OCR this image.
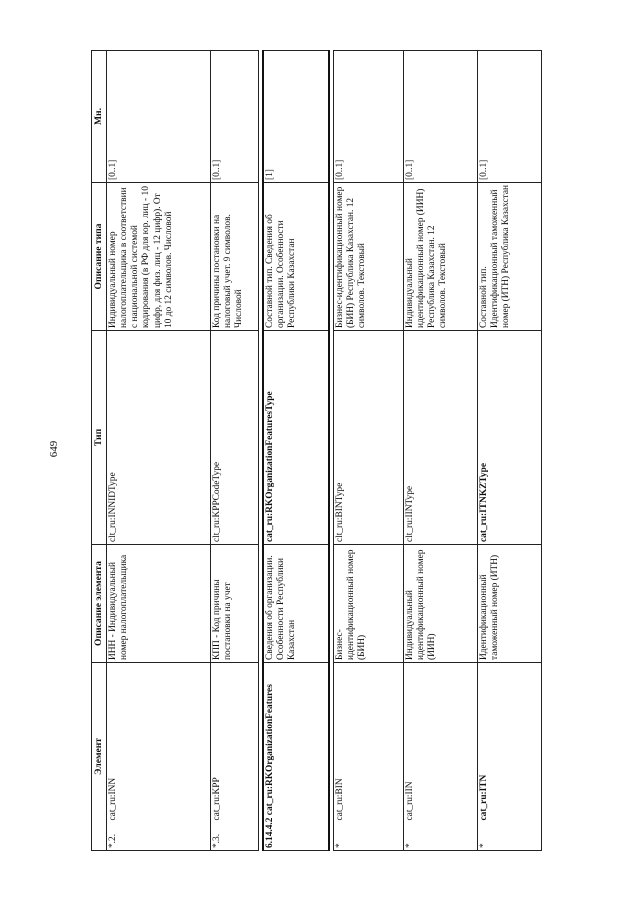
649
Элемент		Описание элемента	Тип	Описание типа	Мн.
*.2.	cat_ru:INN	ИНН - Индивидуальный номер налогоплательщика	clt_ru:INNIDType	Индивидуальный номер налогоплательщика в соответствии с национальной системой кодирования (в РФ для юр. лиц - 10 цифр, для физ. лиц - 12 цифр). От 10 до 12 символов. Числовой	[0..1]
*.3.	cat_ru:KPP	КПП - Код причины постановки на учет	clt_ru:KPPCodeType	Код причины постановки на налоговый учет. 9 символов. Числовой	[0..1]

6.14.4.2 cat_ru:RKOrganizationFeatures		Сведения об организации. Особенности Республики Казахстан	cat_ru:RKOrganizationFeaturesType	Составной тип. Сведения об организации. Особенности Республики Казахстан	[1]

*	cat_ru:BIN	Бизнес-идентификационный номер (БИН)	clt_ru:BINType	Бизнес-идентификационный номер (БИН) Республика Казахстан. 12 символов. Текстовый	[0..1]
*	cat_ru:IIN	Индивидуальный идентификационный номер (ИИН)	clt_ru:IINType	Индивидуальный идентификационный номер (ИИН) Республика Казахстан. 12 символов. Текстовый	[0..1]
*	cat_ru:ITN	Идентификационный таможенный номер (ИТН)	cat_ru:ITNKZType	Составной тип. Идентификационный таможенный номер (ИТН) Республика Казахстан	[0..1]
